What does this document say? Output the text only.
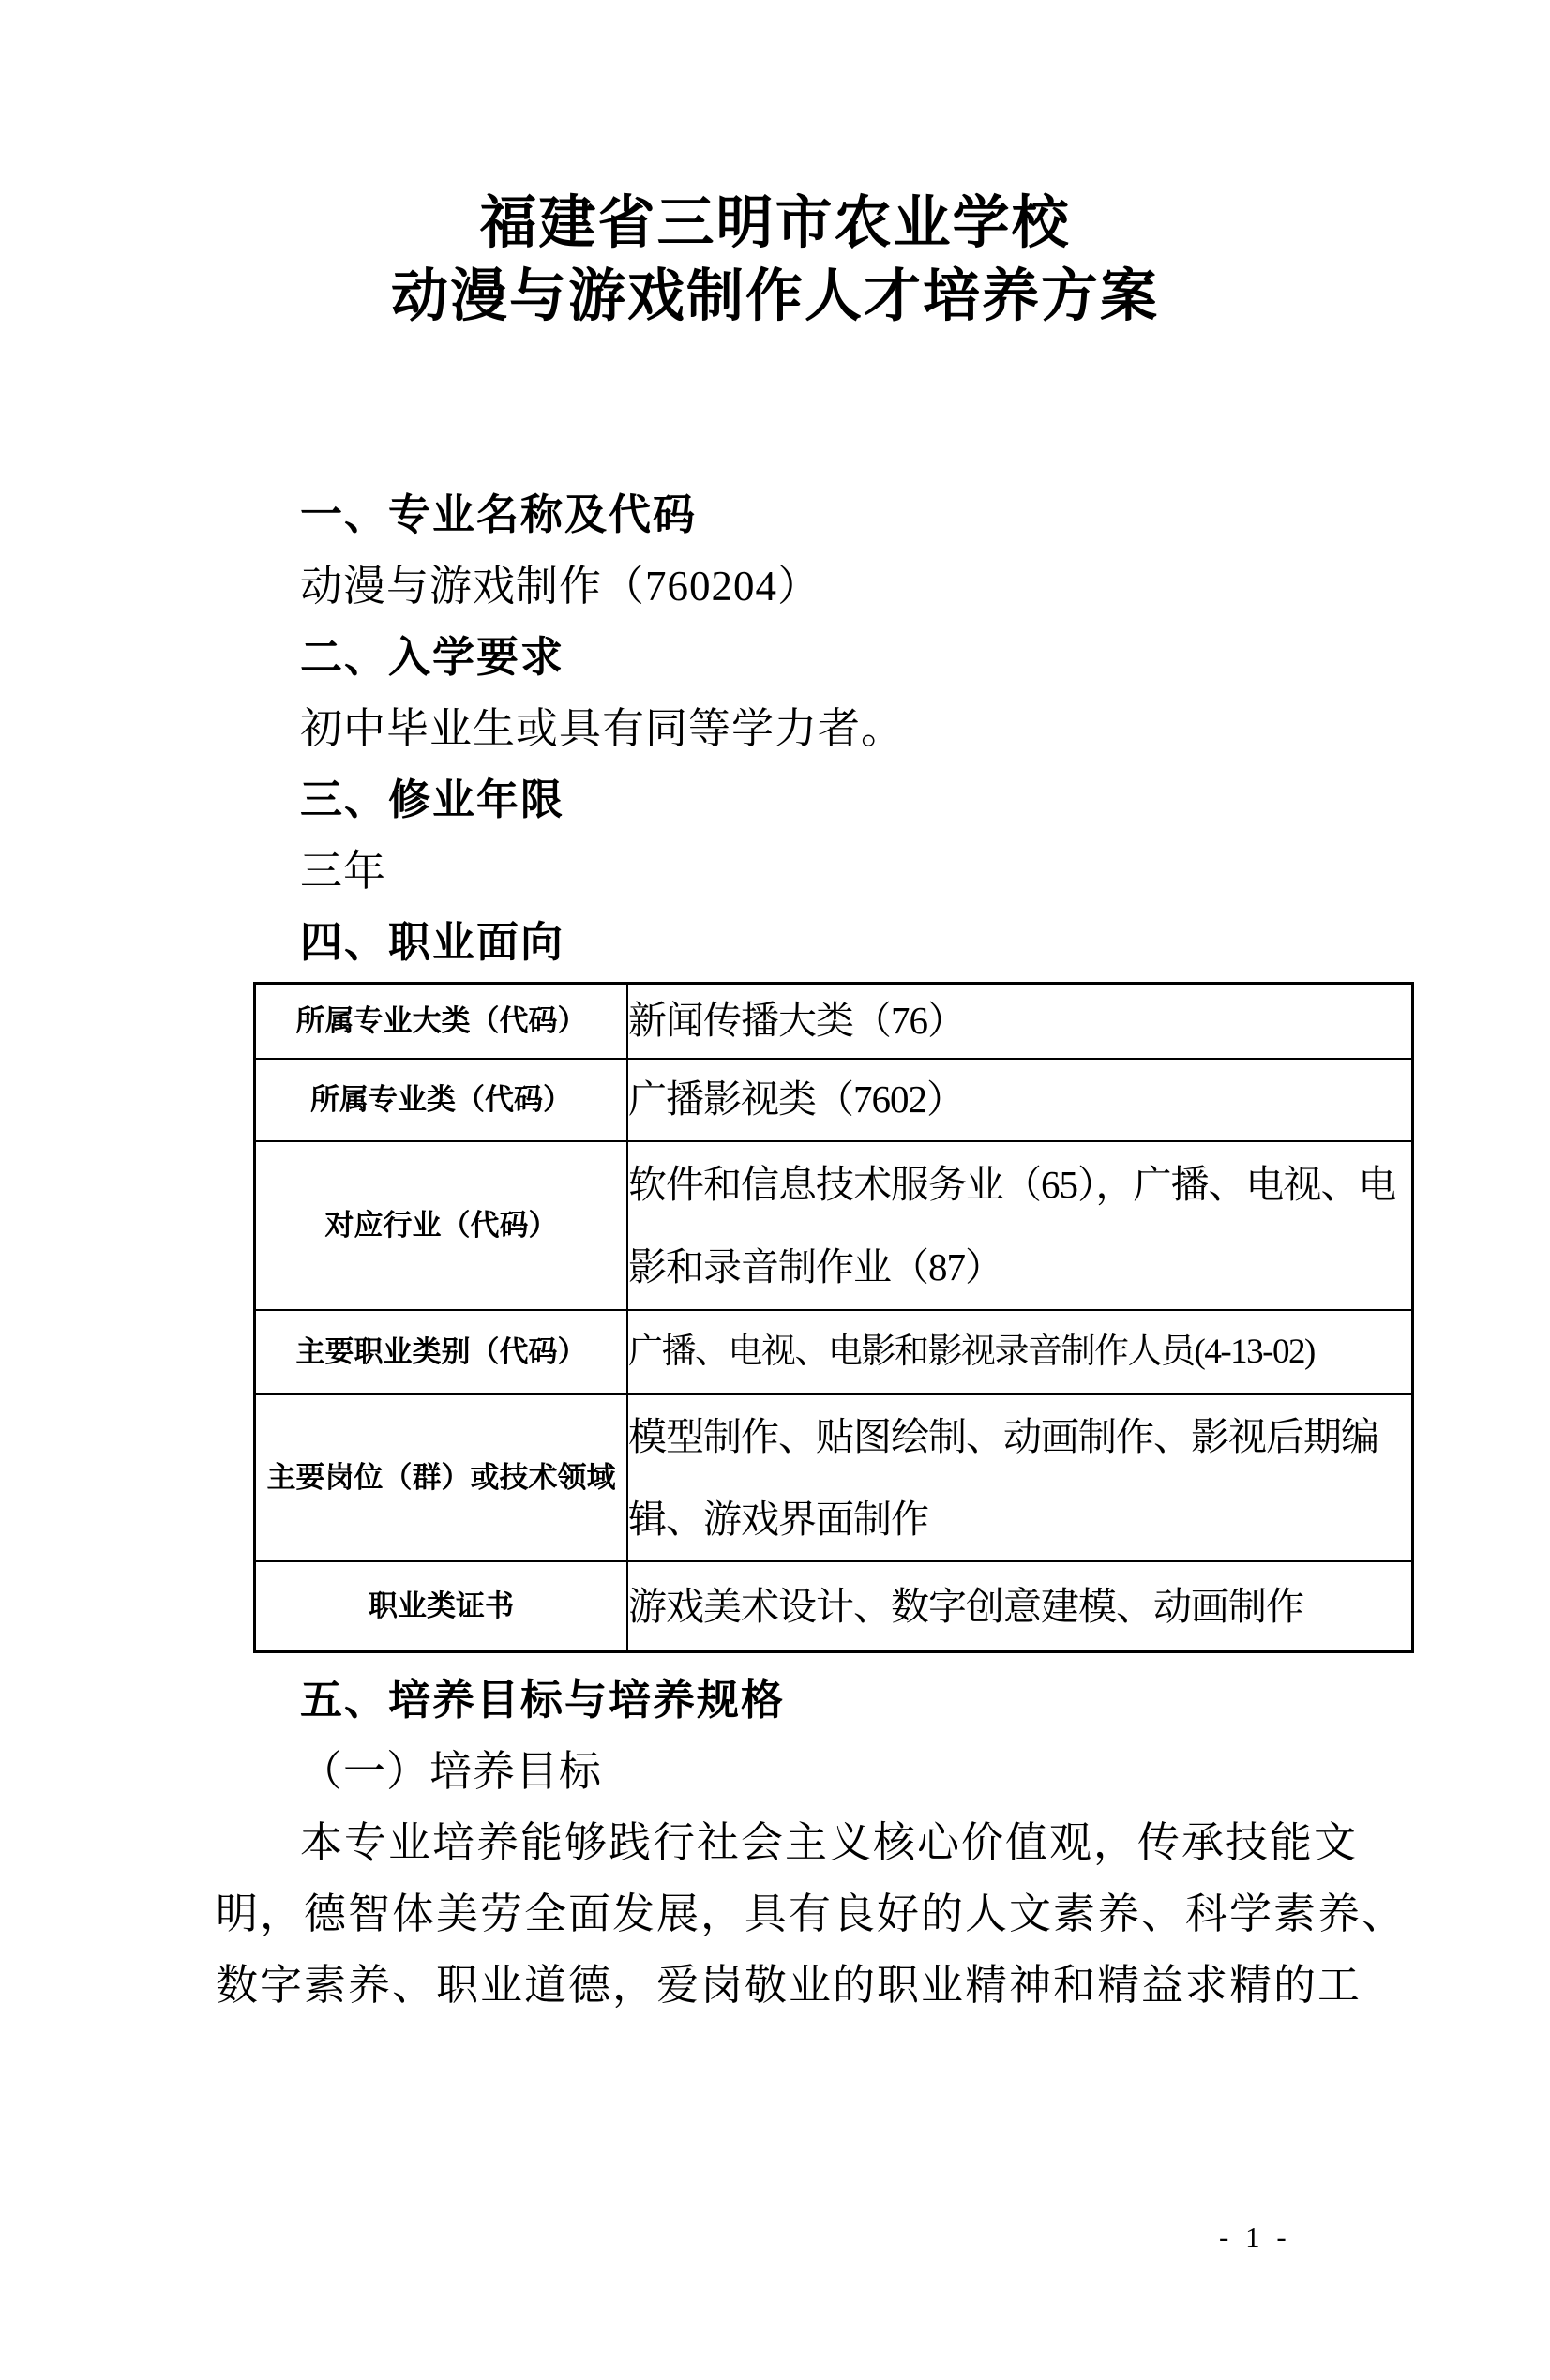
福建省三明市农业学校
动漫与游戏制作人才培养方案
一、专业名称及代码
动漫与游戏制作（760204）
二、入学要求
初中毕业生或具有同等学力者。
三、修业年限
三年
四、职业面向
所属专业大类（代码）	新闻传播大类（76）
所属专业类（代码）	广播影视类（7602）
对应行业（代码）	软件和信息技术服务业（65），广播、电视、电影和录音制作业（87）
主要职业类别（代码）	广播、电视、电影和影视录音制作人员(4-13-02)
主要岗位（群）或技术领域	模型制作、贴图绘制、动画制作、影视后期编辑、游戏界面制作
职业类证书	游戏美术设计、数字创意建模、动画制作
五、培养目标与培养规格
（一）培养目标
本专业培养能够践行社会主义核心价值观，传承技能文
明，德智体美劳全面发展，具有良好的人文素养、科学素养、
数字素养、职业道德，爱岗敬业的职业精神和精益求精的工
- 1 -
